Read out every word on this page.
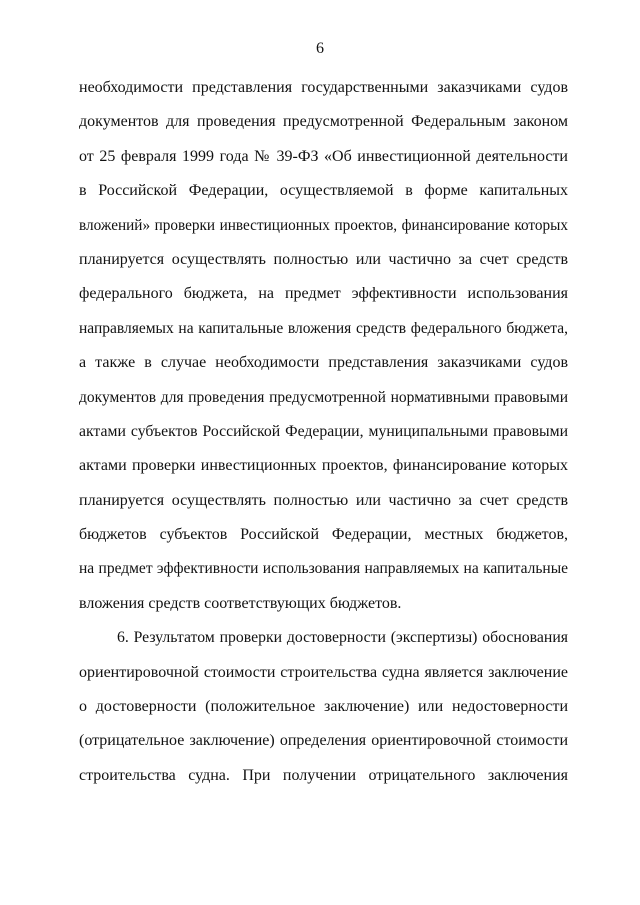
6
необходимости представления государственными заказчиками судов
документов для проведения предусмотренной Федеральным законом
от 25 февраля 1999 года № 39-ФЗ «Об инвестиционной деятельности
в Российской Федерации, осуществляемой в форме капитальных
вложений» проверки инвестиционных проектов, финансирование которых
планируется осуществлять полностью или частично за счет средств
федерального бюджета, на предмет эффективности использования
направляемых на капитальные вложения средств федерального бюджета,
а также в случае необходимости представления заказчиками судов
документов для проведения предусмотренной нормативными правовыми
актами субъектов Российской Федерации, муниципальными правовыми
актами проверки инвестиционных проектов, финансирование которых
планируется осуществлять полностью или частично за счет средств
бюджетов субъектов Российской Федерации, местных бюджетов,
на предмет эффективности использования направляемых на капитальные
вложения средств соответствующих бюджетов.
6. Результатом проверки достоверности (экспертизы) обоснования
ориентировочной стоимости строительства судна является заключение
о достоверности (положительное заключение) или недостоверности
(отрицательное заключение) определения ориентировочной стоимости
строительства судна. При получении отрицательного заключения
